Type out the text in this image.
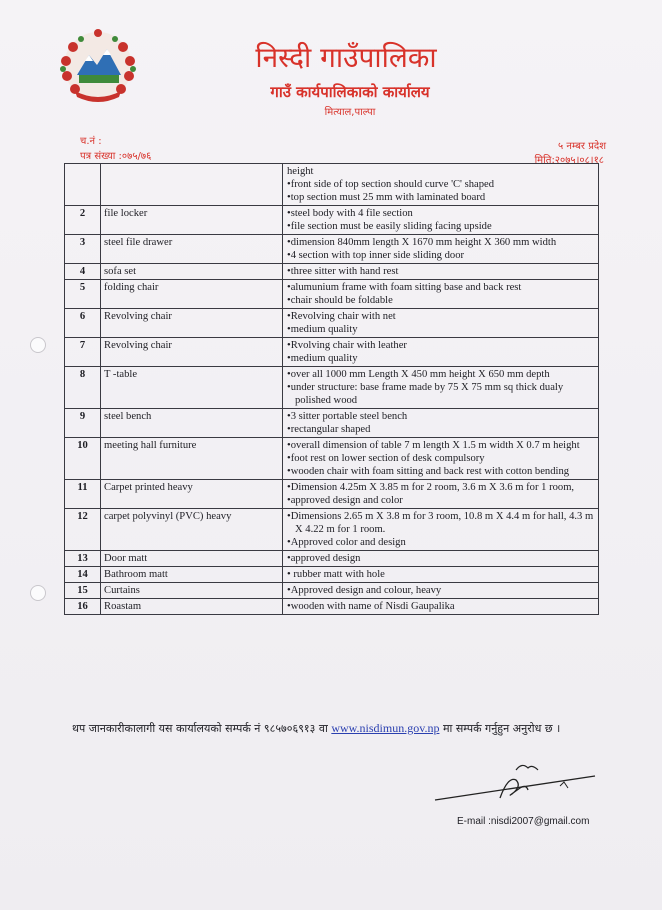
निस्दी गाउँपालिका
गाउँ कार्यपालिकाको कार्यालय
मित्याल,पाल्पा
च.नं :
पत्र संख्या :०७५/७६
५ नम्बर प्रदेश
मिति:२०७५।०८।१८

		height
• front side of top section should curve 'C' shaped
• top section must 25 mm with laminated board

2	file locker	• steel body with 4 file section
• file section must be easily sliding facing upside

3	steel file drawer	• dimension 840mm length X 1670 mm height X 360 mm width
• 4 section with top inner side sliding door

4	sofa set	• three sitter with hand rest

5	folding chair	• alumunium frame with foam sitting base and back rest
• chair should be foldable

6	Revolving chair	• Revolving chair with net
• medium quality

7	Revolving chair	• Rvolving chair with leather
• medium quality

8	T -table	• over all 1000 mm Length X 450 mm height X 650 mm depth
• under structure: base frame made by 75 X 75 mm sq thick dualy polished wood

9	steel bench	• 3 sitter portable steel bench
• rectangular shaped

10	meeting hall furniture	• overall dimension of table 7 m length X 1.5 m width X 0.7 m height
• foot rest on lower section of desk compulsory
• wooden chair with foam sitting and back rest with cotton bending

11	Carpet printed heavy	• Dimension 4.25m X 3.85 m for 2 room, 3.6 m X 3.6 m for 1 room,
• approved design and color

12	carpet polyvinyl (PVC) heavy	• Dimensions 2.65 m X 3.8 m for 3 room, 10.8 m X 4.4 m for hall, 4.3 m X 4.22 m for 1 room.
• Approved color and design

13	Door matt	• approved design

14	Bathroom matt	• rubber matt with hole

15	Curtains	• Approved design and colour, heavy

16	Roastam	• wooden with name of Nisdi Gaupalika
थप जानकारीकालागी यस कार्यालयको सम्पर्क नं ९८५७०६९१३ वा www.nisdimun.gov.np मा सम्पर्क गर्नुहुन अनुरोध छ ।
E-mail :nisdi2007@gmail.com
